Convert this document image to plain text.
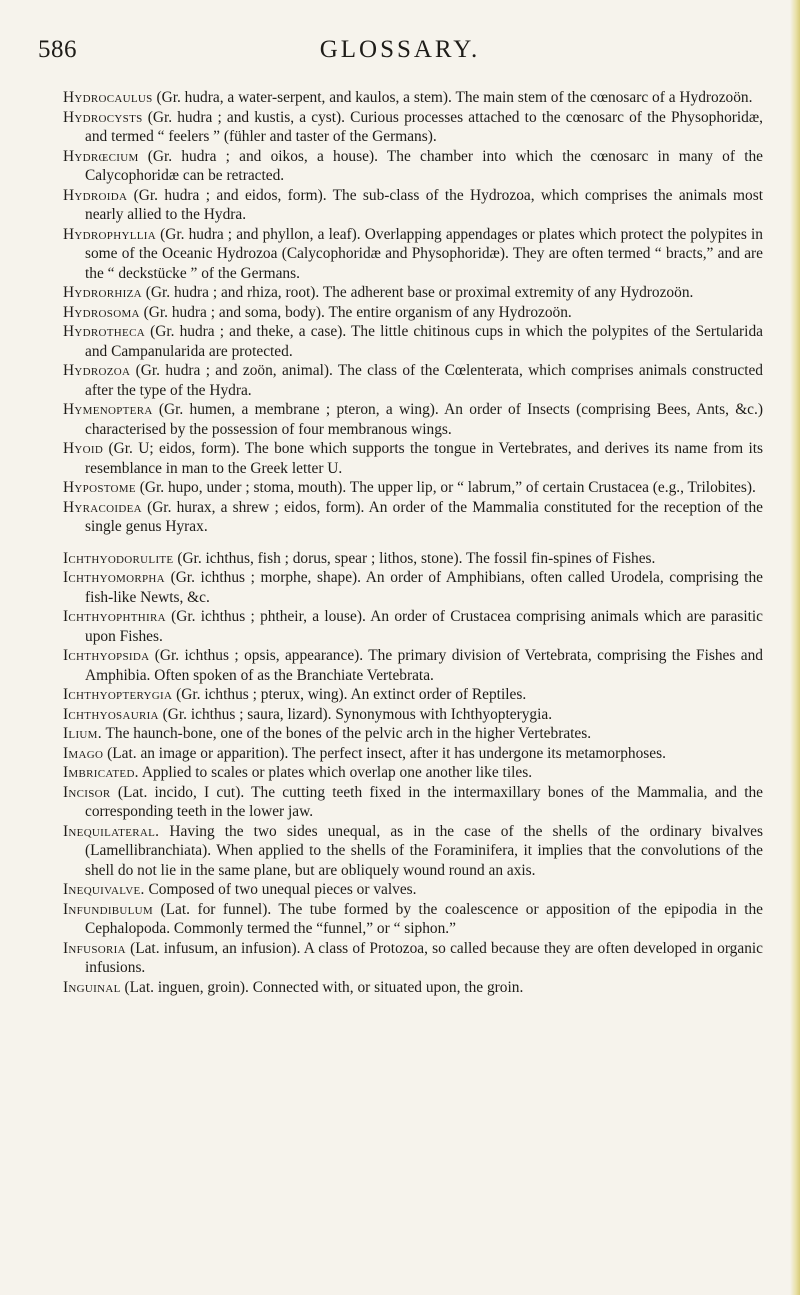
586	GLOSSARY.

Hydrocaulus (Gr. hudra, a water-serpent, and kaulos, a stem). The main stem of the cœnosarc of a Hydrozoön.

Hydrocysts (Gr. hudra ; and kustis, a cyst). Curious processes attached to the cœnosarc of the Physophoridæ, and termed “ feelers ” (fühler and taster of the Germans).

Hydrœcium (Gr. hudra ; and oikos, a house). The chamber into which the cœnosarc in many of the Calycophoridæ can be retracted.

Hydroida (Gr. hudra ; and eidos, form). The sub-class of the Hydrozoa, which comprises the animals most nearly allied to the Hydra.

Hydrophyllia (Gr. hudra ; and phyllon, a leaf). Overlapping appendages or plates which protect the polypites in some of the Oceanic Hydrozoa (Calycophoridæ and Physophoridæ). They are often termed “ bracts,” and are the “ deckstücke ” of the Germans.

Hydrorhiza (Gr. hudra ; and rhiza, root). The adherent base or proximal extremity of any Hydrozoön.

Hydrosoma (Gr. hudra ; and soma, body). The entire organism of any Hydrozoön.

Hydrotheca (Gr. hudra ; and theke, a case). The little chitinous cups in which the polypites of the Sertularida and Campanularida are protected.

Hydrozoa (Gr. hudra ; and zoön, animal). The class of the Cœlenterata, which comprises animals constructed after the type of the Hydra.

Hymenoptera (Gr. humen, a membrane ; pteron, a wing). An order of Insects (comprising Bees, Ants, &c.) characterised by the possession of four membranous wings.

Hyoid (Gr. U; eidos, form). The bone which supports the tongue in Vertebrates, and derives its name from its resemblance in man to the Greek letter U.

Hypostome (Gr. hupo, under ; stoma, mouth). The upper lip, or “ labrum,” of certain Crustacea (e.g., Trilobites).

Hyracoidea (Gr. hurax, a shrew ; eidos, form). An order of the Mammalia constituted for the reception of the single genus Hyrax.

Ichthyodorulite (Gr. ichthus, fish ; dorus, spear ; lithos, stone). The fossil fin-spines of Fishes.

Ichthyomorpha (Gr. ichthus ; morphe, shape). An order of Amphibians, often called Urodela, comprising the fish-like Newts, &c.

Ichthyophthira (Gr. ichthus ; phtheir, a louse). An order of Crustacea comprising animals which are parasitic upon Fishes.

Ichthyopsida (Gr. ichthus ; opsis, appearance). The primary division of Vertebrata, comprising the Fishes and Amphibia. Often spoken of as the Branchiate Vertebrata.

Ichthyopterygia (Gr. ichthus ; pterux, wing). An extinct order of Reptiles.

Ichthyosauria (Gr. ichthus ; saura, lizard). Synonymous with Ichthyopterygia.

Ilium. The haunch-bone, one of the bones of the pelvic arch in the higher Vertebrates.

Imago (Lat. an image or apparition). The perfect insect, after it has undergone its metamorphoses.

Imbricated. Applied to scales or plates which overlap one another like tiles.

Incisor (Lat. incido, I cut). The cutting teeth fixed in the intermaxillary bones of the Mammalia, and the corresponding teeth in the lower jaw.

Inequilateral. Having the two sides unequal, as in the case of the shells of the ordinary bivalves (Lamellibranchiata). When applied to the shells of the Foraminifera, it implies that the convolutions of the shell do not lie in the same plane, but are obliquely wound round an axis.

Inequivalve. Composed of two unequal pieces or valves.

Infundibulum (Lat. for funnel). The tube formed by the coalescence or apposition of the epipodia in the Cephalopoda. Commonly termed the “funnel,” or “ siphon.”

Infusoria (Lat. infusum, an infusion). A class of Protozoa, so called because they are often developed in organic infusions.

Inguinal (Lat. inguen, groin). Connected with, or situated upon, the groin.
